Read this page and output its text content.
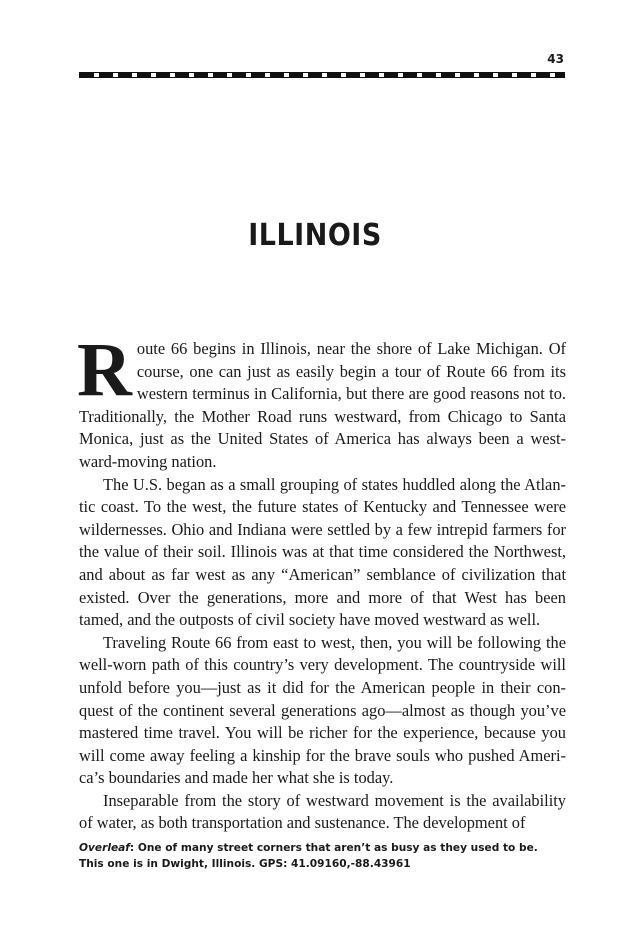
43
ILLINOIS

Route 66 begins in Illinois, near the shore of Lake Michigan. Of course, one can just as easily begin a tour of Route 66 from its western terminus in California, but there are good reasons not to. Traditionally, the Mother Road runs westward, from Chicago to Santa Monica, just as the United States of America has always been a westward-moving nation.

The U.S. began as a small grouping of states huddled along the Atlantic coast. To the west, the future states of Kentucky and Tennessee were wildernesses. Ohio and Indiana were settled by a few intrepid farmers for the value of their soil. Illinois was at that time considered the Northwest, and about as far west as any “American” semblance of civilization that existed. Over the generations, more and more of that West has been tamed, and the outposts of civil society have moved westward as well.

Traveling Route 66 from east to west, then, you will be following the well-worn path of this country’s very development. The countryside will unfold before you—just as it did for the American people in their conquest of the continent several generations ago—almost as though you’ve mastered time travel. You will be richer for the experience, because you will come away feeling a kinship for the brave souls who pushed America’s boundaries and made her what she is today.

Inseparable from the story of westward movement is the availability of water, as both transportation and sustenance. The development of

Overleaf: One of many street corners that aren’t as busy as they used to be.
This one is in Dwight, Illinois. GPS: 41.09160,-88.43961
